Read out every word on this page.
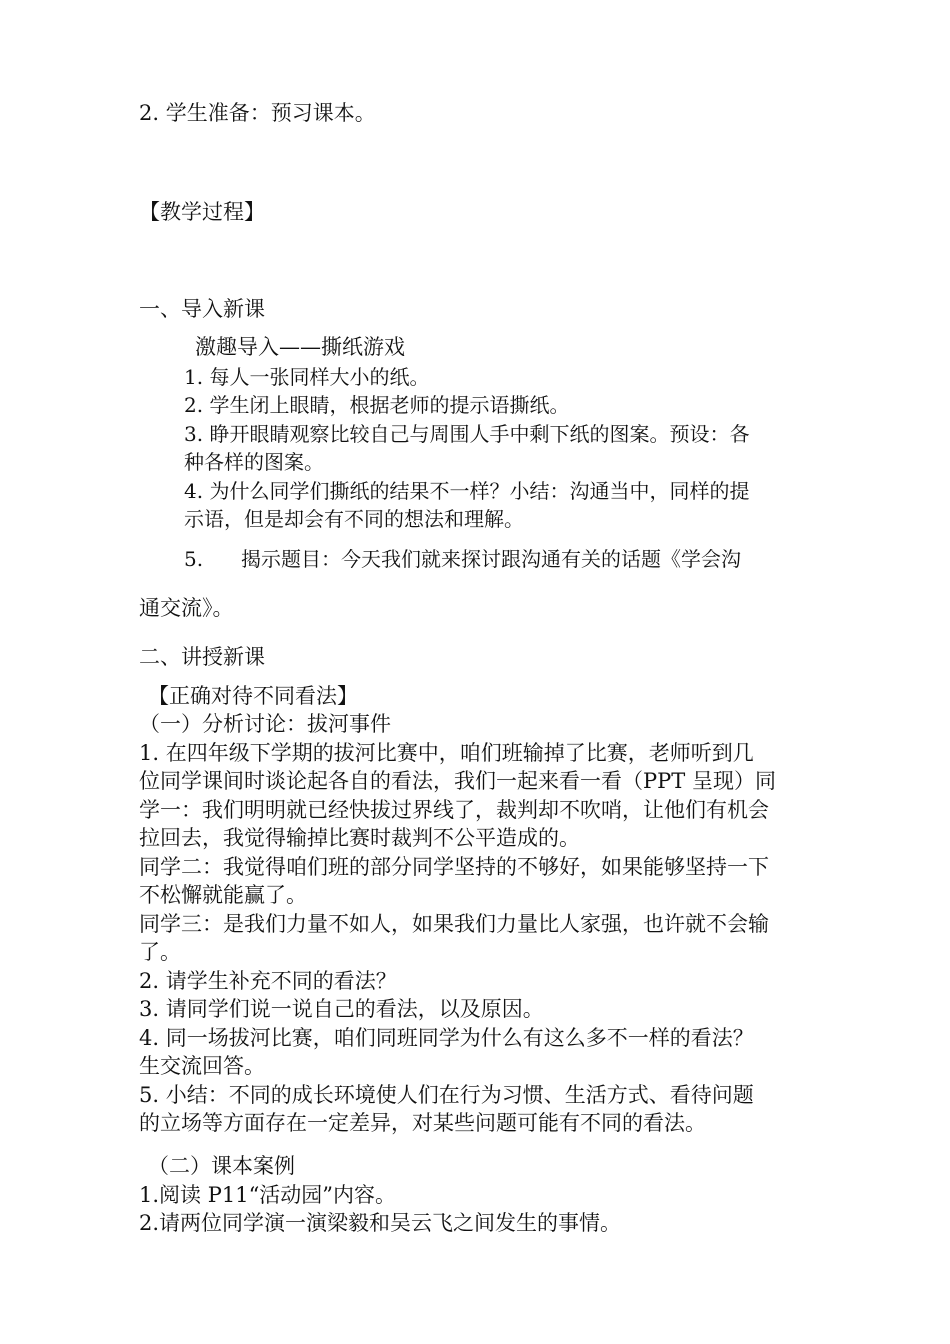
2. 学生准备：预习课本。
【教学过程】
一、导入新课
激趣导入——撕纸游戏
1. 每人一张同样大小的纸。
2. 学生闭上眼睛，根据老师的提示语撕纸。
3. 睁开眼睛观察比较自己与周围人手中剩下纸的图案。预设：各
种各样的图案。
4. 为什么同学们撕纸的结果不一样？小结：沟通当中，同样的提
示语，但是却会有不同的想法和理解。
5. 揭示题目：今天我们就来探讨跟沟通有关的话题《学会沟
通交流》。
二、讲授新课
【正确对待不同看法】
（一）分析讨论：拔河事件
1. 在四年级下学期的拔河比赛中，咱们班输掉了比赛，老师听到几
位同学课间时谈论起各自的看法，我们一起来看一看（PPT 呈现）同
学一：我们明明就已经快拔过界线了，裁判却不吹哨，让他们有机会
拉回去，我觉得输掉比赛时裁判不公平造成的。
同学二：我觉得咱们班的部分同学坚持的不够好，如果能够坚持一下
不松懈就能赢了。
同学三：是我们力量不如人，如果我们力量比人家强，也许就不会输
了。
2. 请学生补充不同的看法？
3. 请同学们说一说自己的看法，以及原因。
4. 同一场拔河比赛，咱们同班同学为什么有这么多不一样的看法？
生交流回答。
5. 小结：不同的成长环境使人们在行为习惯、生活方式、看待问题
的立场等方面存在一定差异，对某些问题可能有不同的看法。
（二）课本案例
1.阅读 P11“活动园”内容。
2.请两位同学演一演梁毅和吴云飞之间发生的事情。
